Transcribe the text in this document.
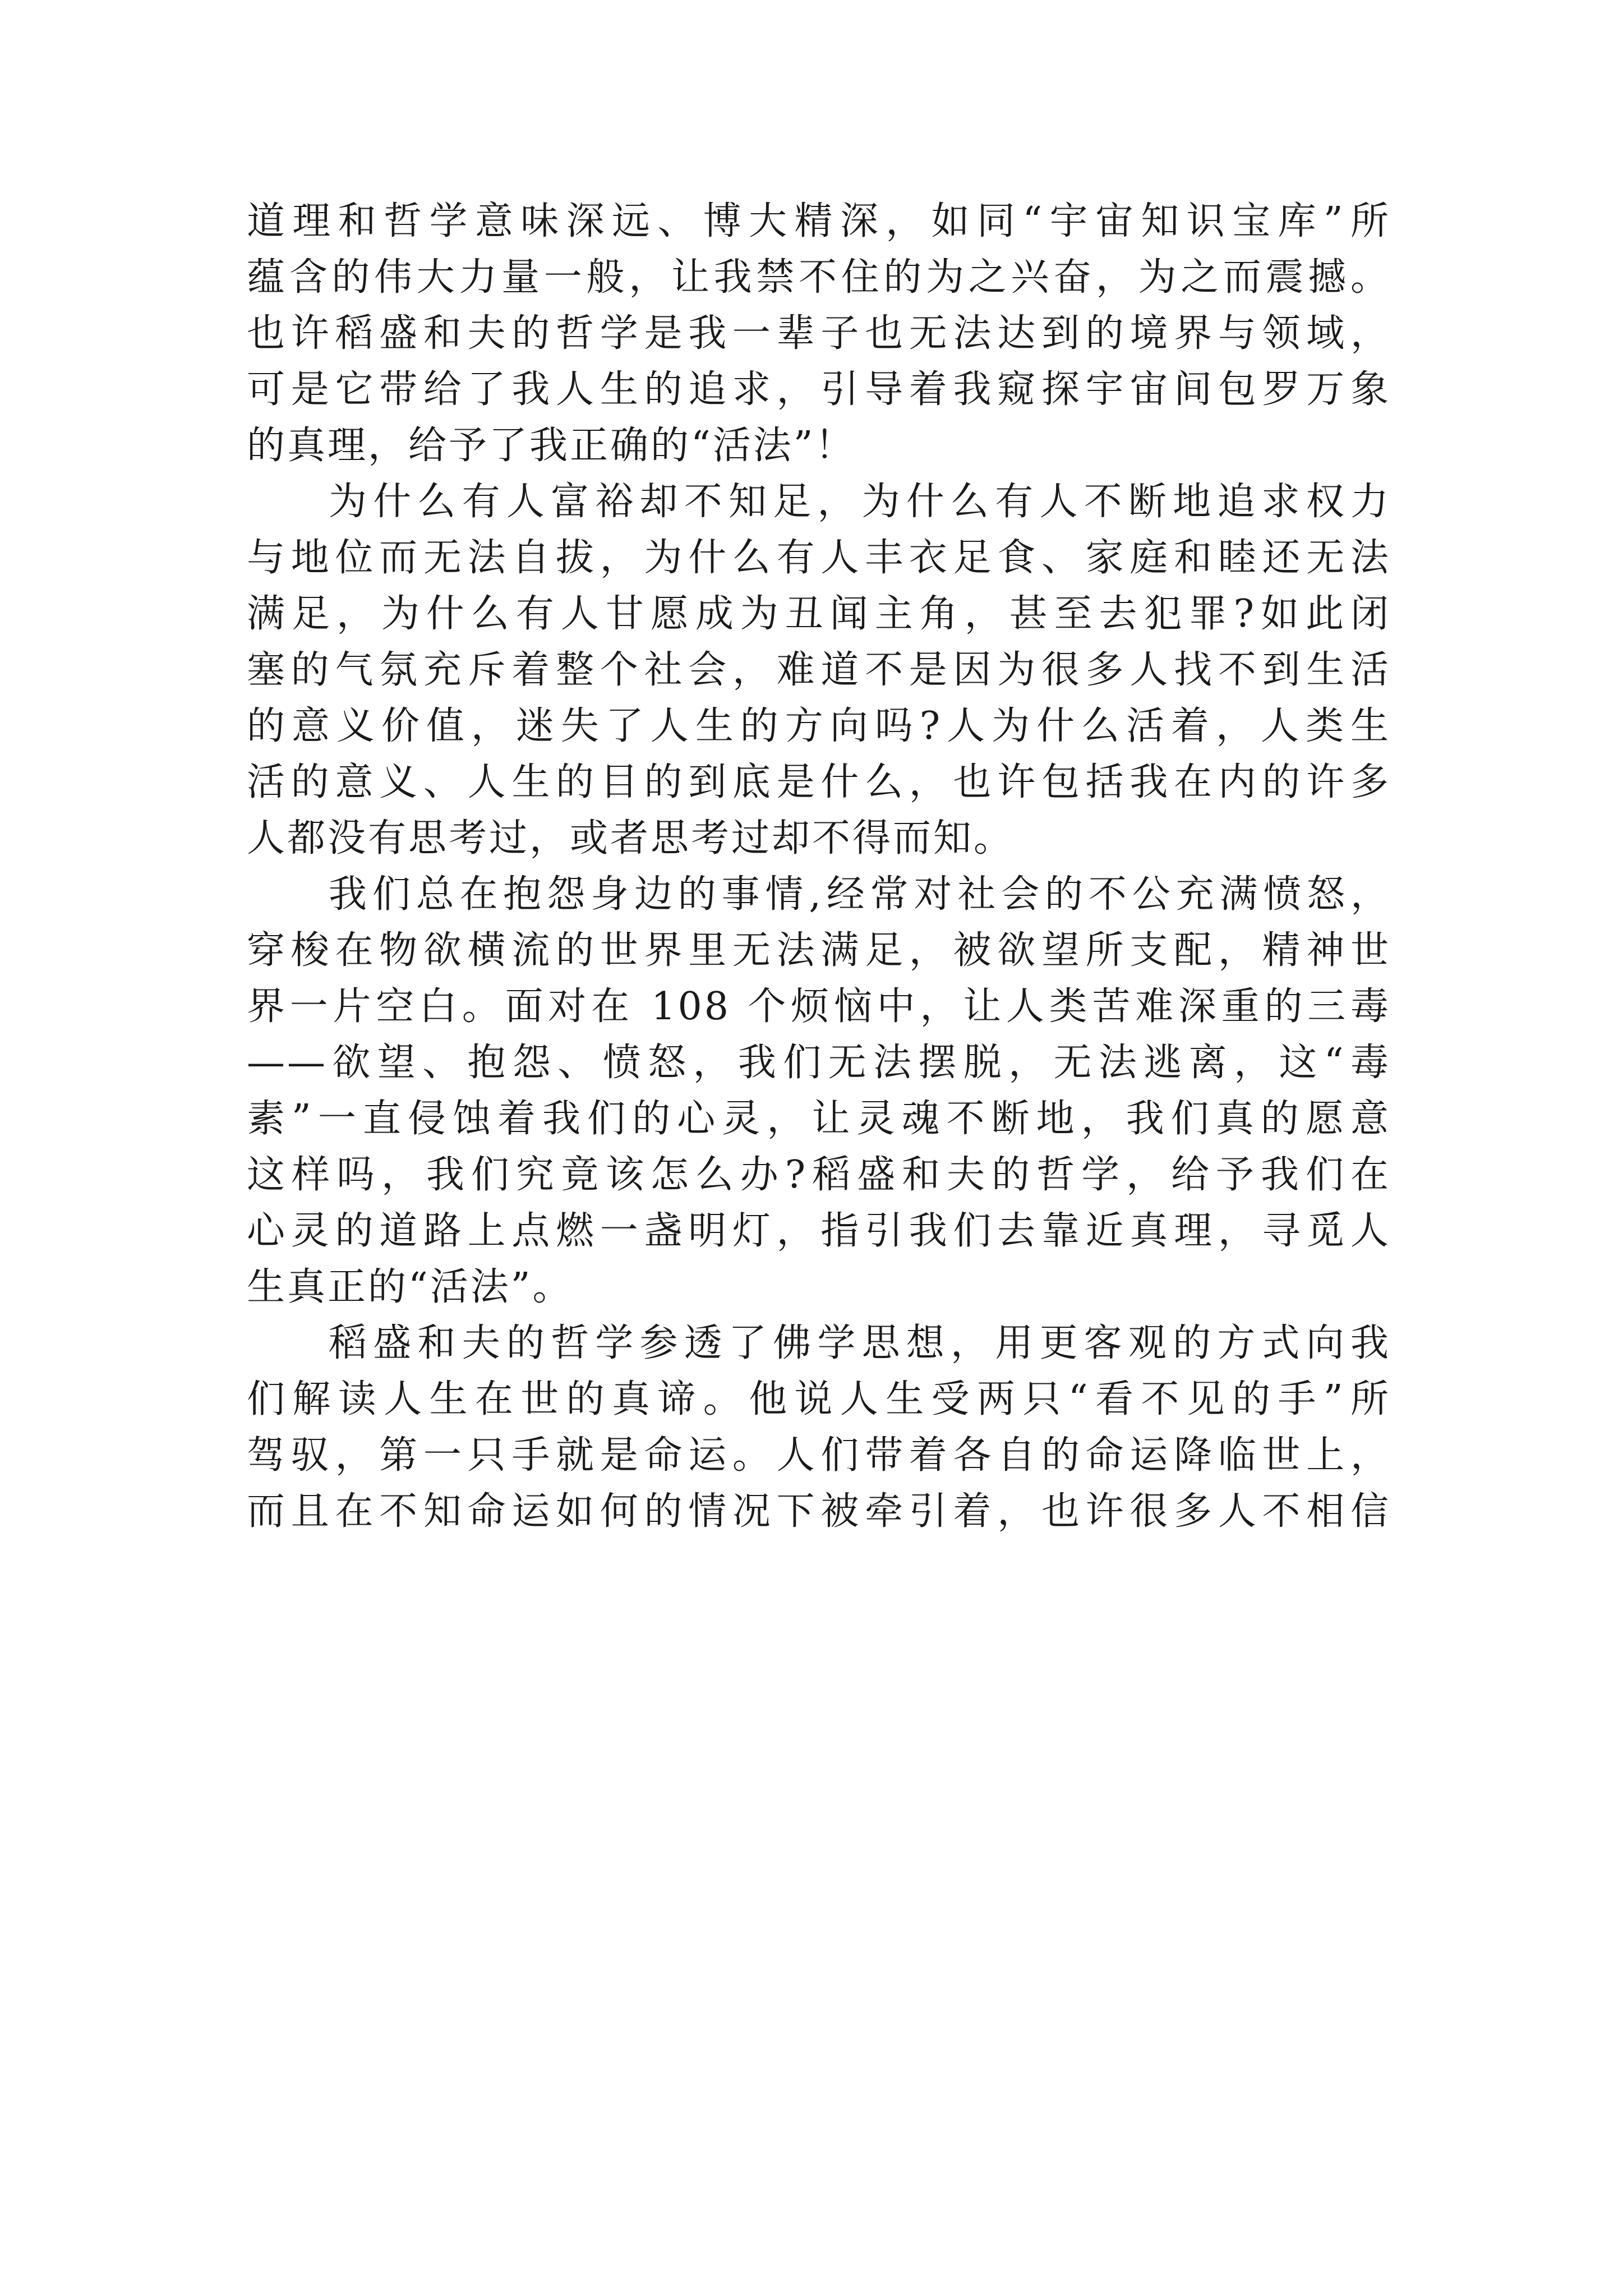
道理和哲学意味深远、博大精深，如同“宇宙知识宝库”所
蕴含的伟大力量一般，让我禁不住的为之兴奋，为之而震撼。
也许稻盛和夫的哲学是我一辈子也无法达到的境界与领域，
可是它带给了我人生的追求，引导着我窥探宇宙间包罗万象
的真理，给予了我正确的“活法”！

为什么有人富裕却不知足，为什么有人不断地追求权力
与地位而无法自拔，为什么有人丰衣足食、家庭和睦还无法
满足，为什么有人甘愿成为丑闻主角，甚至去犯罪?如此闭
塞的气氛充斥着整个社会，难道不是因为很多人找不到生活
的意义价值，迷失了人生的方向吗?人为什么活着，人类生
活的意义、人生的目的到底是什么，也许包括我在内的许多
人都没有思考过，或者思考过却不得而知。

我们总在抱怨身边的事情,经常对社会的不公充满愤怒，
穿梭在物欲横流的世界里无法满足，被欲望所支配，精神世
界一片空白。面对在 108 个烦恼中，让人类苦难深重的三毒
——欲望、抱怨、愤怒，我们无法摆脱，无法逃离，这“毒
素”一直侵蚀着我们的心灵，让灵魂不断地，我们真的愿意
这样吗，我们究竟该怎么办?稻盛和夫的哲学，给予我们在
心灵的道路上点燃一盏明灯，指引我们去靠近真理，寻觅人
生真正的“活法”。

稻盛和夫的哲学参透了佛学思想，用更客观的方式向我
们解读人生在世的真谛。他说人生受两只“看不见的手”所
驾驭，第一只手就是命运。人们带着各自的命运降临世上，
而且在不知命运如何的情况下被牵引着，也许很多人不相信
